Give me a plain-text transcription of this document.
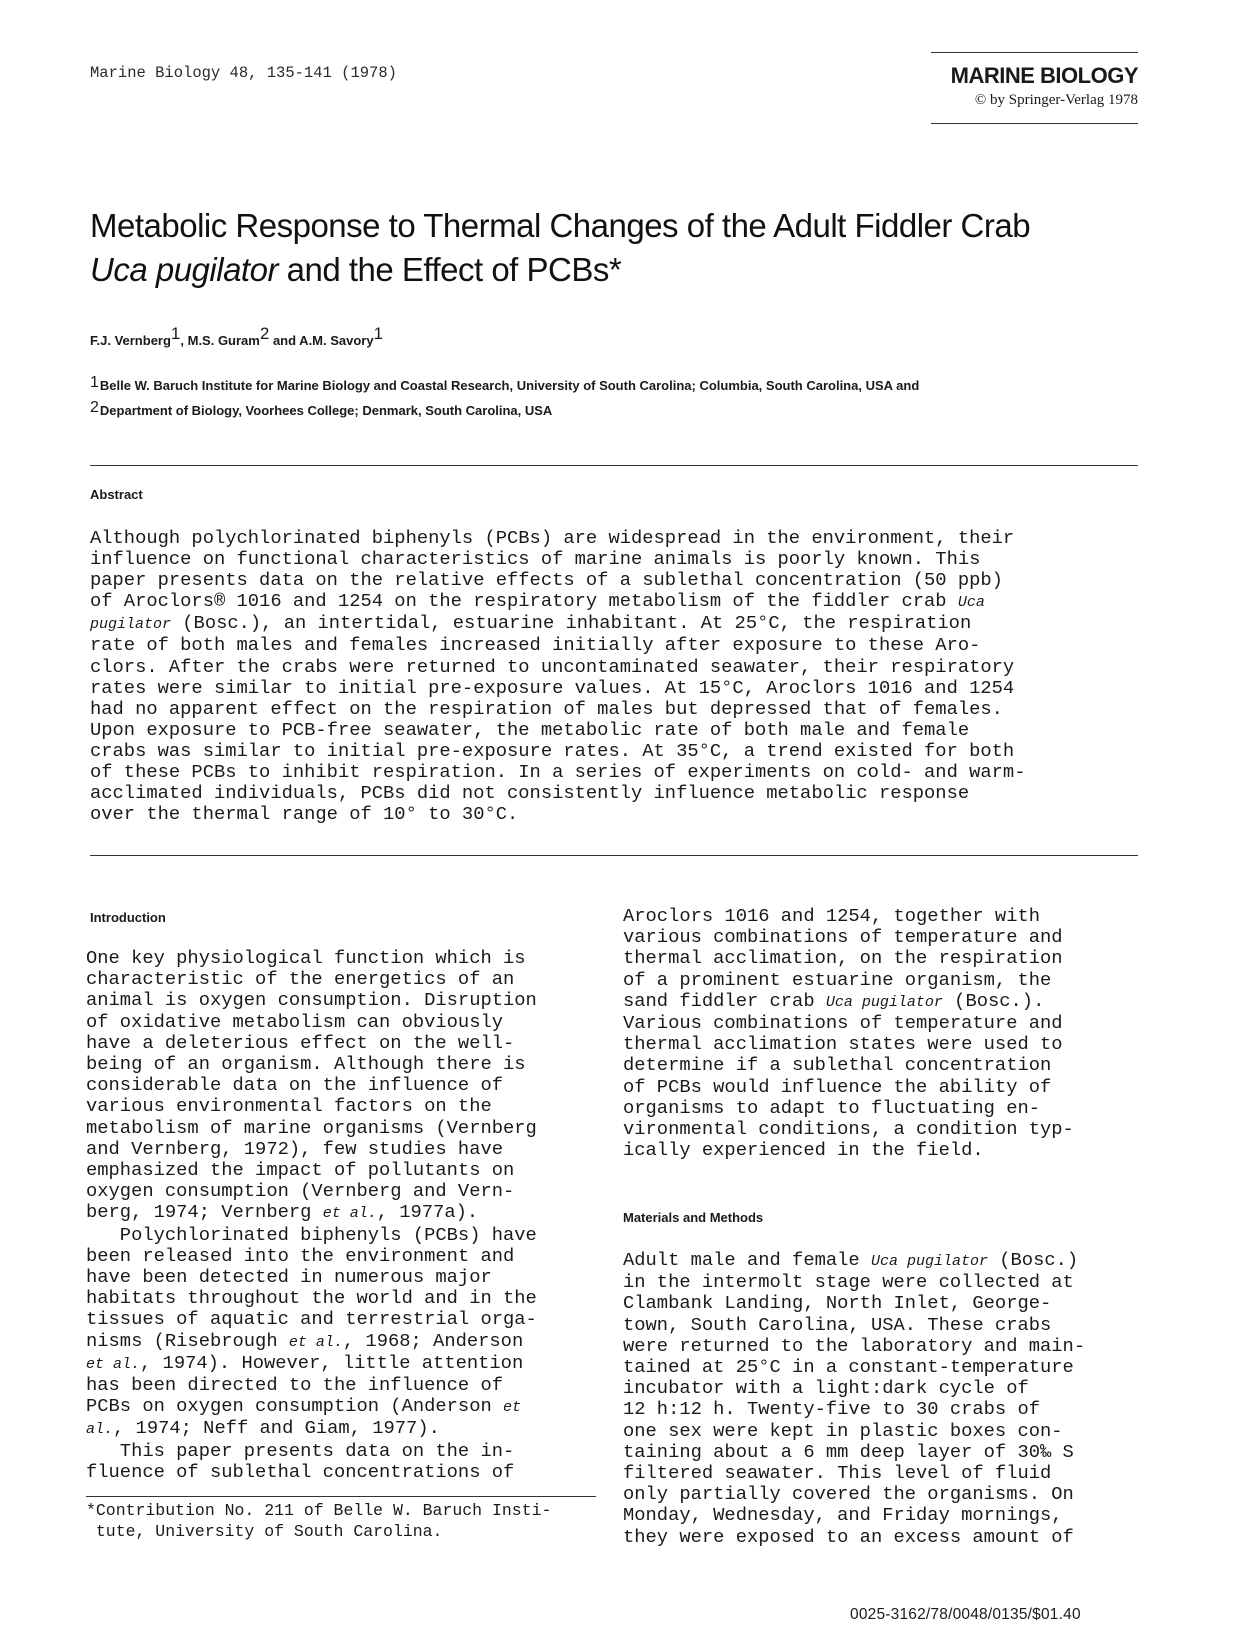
Marine Biology 48, 135-141 (1978)	MARINE BIOLOGY
© by Springer-Verlag 1978
Metabolic Response to Thermal Changes of the Adult Fiddler Crab
Uca pugilator and the Effect of PCBs*
F.J. Vernberg$^1$, M.S. Guram$^2$ and A.M. Savory$^1$
1Belle W. Baruch Institute for Marine Biology and Coastal Research, University of South Carolina; Columbia, South Carolina, USA and
2Department of Biology, Voorhees College; Denmark, South Carolina, USA
Abstract
Although polychlorinated biphenyls (PCBs) are widespread in the environment, their
influence on functional characteristics of marine animals is poorly known. This
paper presents data on the relative effects of a sublethal concentration (50 ppb)
of Aroclors® 1016 and 1254 on the respiratory metabolism of the fiddler crab Uca
pugilator (Bosc.), an intertidal, estuarine inhabitant. At 25°C, the respiration
rate of both males and females increased initially after exposure to these Aro-
clors. After the crabs were returned to uncontaminated seawater, their respiratory
rates were similar to initial pre-exposure values. At 15°C, Aroclors 1016 and 1254
had no apparent effect on the respiration of males but depressed that of females.
Upon exposure to PCB-free seawater, the metabolic rate of both male and female
crabs was similar to initial pre-exposure rates. At 35°C, a trend existed for both
of these PCBs to inhibit respiration. In a series of experiments on cold- and warm-
acclimated individuals, PCBs did not consistently influence metabolic response
over the thermal range of 10° to 30°C.
Introduction
One key physiological function which is
characteristic of the energetics of an
animal is oxygen consumption. Disruption
of oxidative metabolism can obviously
have a deleterious effect on the well-
being of an organism. Although there is
considerable data on the influence of
various environmental factors on the
metabolism of marine organisms (Vernberg
and Vernberg, 1972), few studies have
emphasized the impact of pollutants on
oxygen consumption (Vernberg and Vern-
berg, 1974; Vernberg et al., 1977a).
Polychlorinated biphenyls (PCBs) have
been released into the environment and
have been detected in numerous major
habitats throughout the world and in the
tissues of aquatic and terrestrial orga-
nisms (Risebrough et al., 1968; Anderson
et al., 1974). However, little attention
has been directed to the influence of
PCBs on oxygen consumption (Anderson et
al., 1974; Neff and Giam, 1977).
This paper presents data on the in-
fluence of sublethal concentrations of
Aroclors 1016 and 1254, together with
various combinations of temperature and
thermal acclimation, on the respiration
of a prominent estuarine organism, the
sand fiddler crab Uca pugilator (Bosc.).
Various combinations of temperature and
thermal acclimation states were used to
determine if a sublethal concentration
of PCBs would influence the ability of
organisms to adapt to fluctuating en-
vironmental conditions, a condition typ-
ically experienced in the field.
Materials and Methods
Adult male and female Uca pugilator (Bosc.)
in the intermolt stage were collected at
Clambank Landing, North Inlet, George-
town, South Carolina, USA. These crabs
were returned to the laboratory and main-
tained at 25°C in a constant-temperature
incubator with a light:dark cycle of
12 h:12 h. Twenty-five to 30 crabs of
one sex were kept in plastic boxes con-
taining about a 6 mm deep layer of 30‰ S
filtered seawater. This level of fluid
only partially covered the organisms. On
Monday, Wednesday, and Friday mornings,
they were exposed to an excess amount of
*Contribution No. 211 of Belle W. Baruch Insti-
tute, University of South Carolina.
0025-3162/78/0048/0135/$01.40
